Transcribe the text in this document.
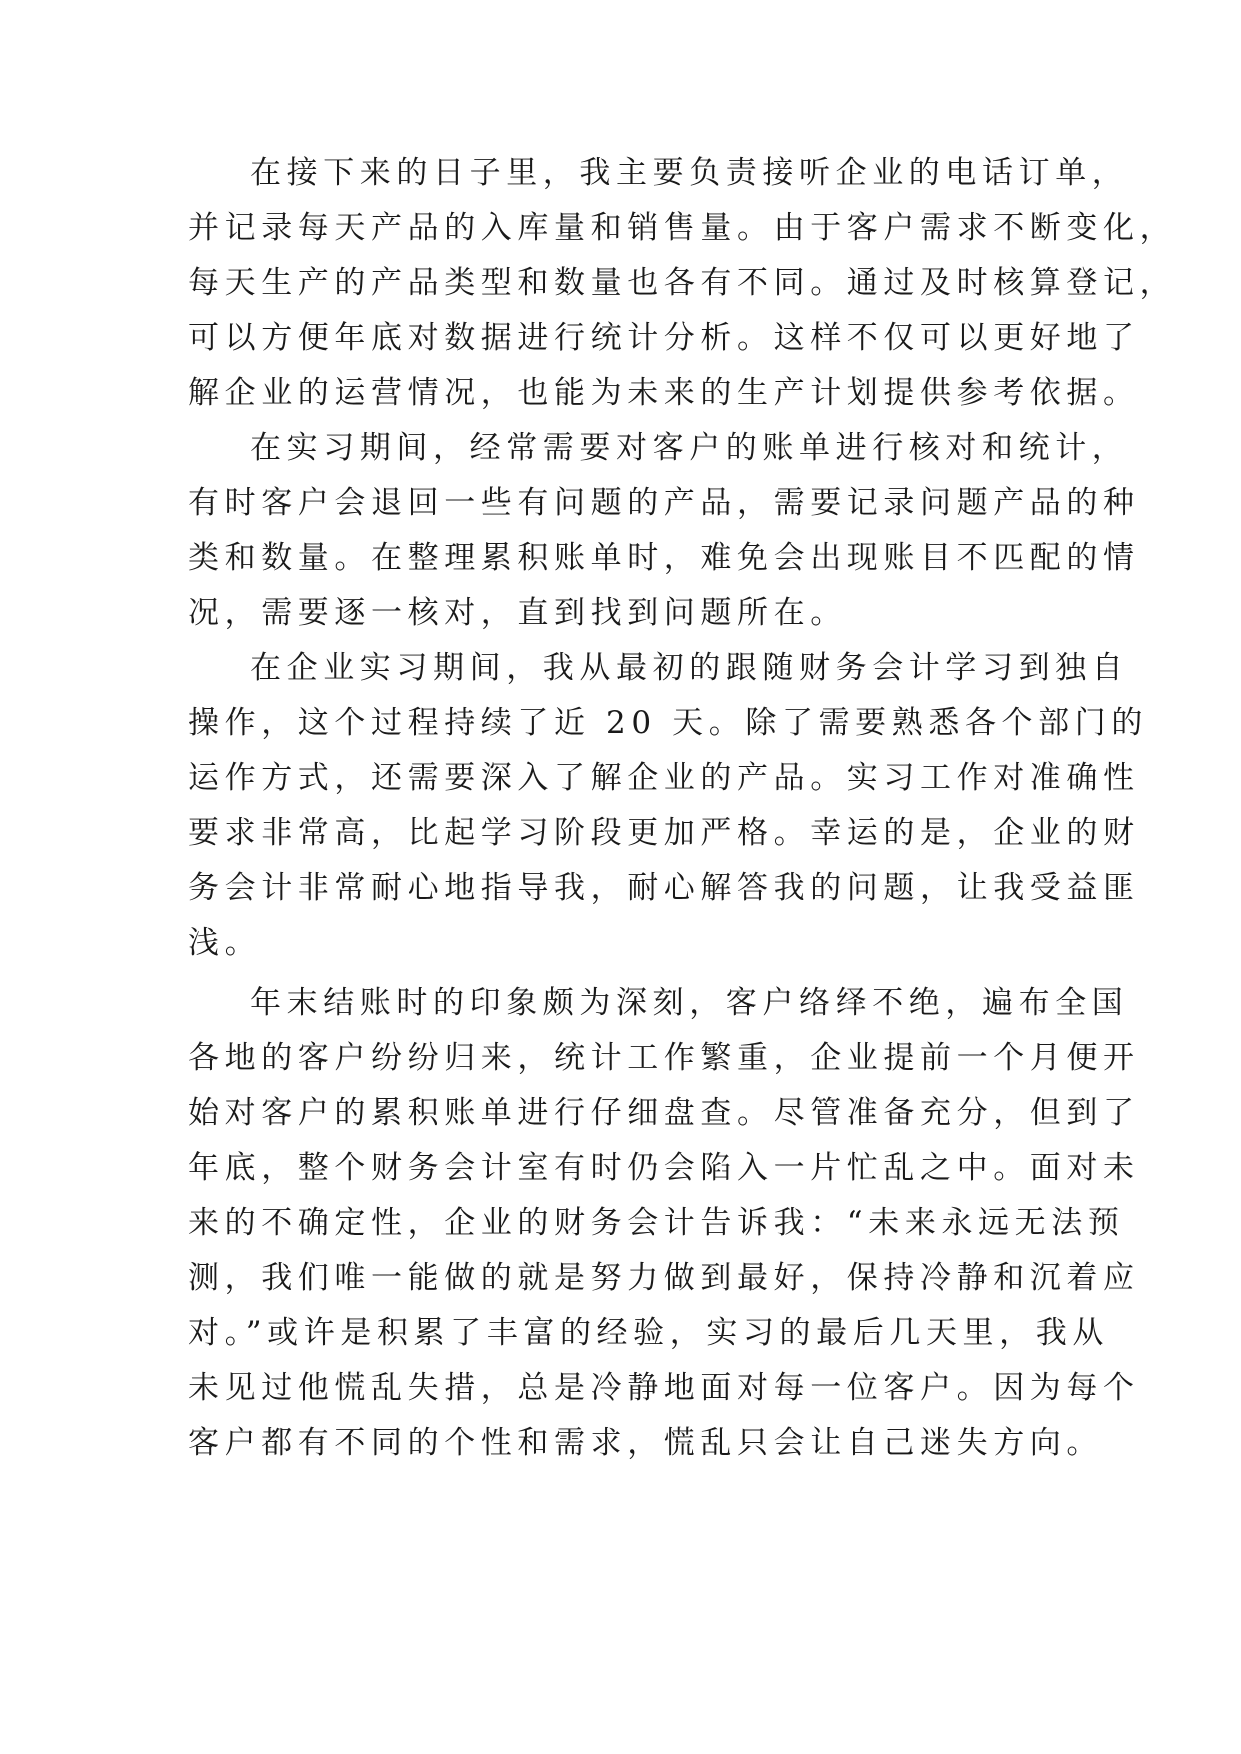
在接下来的日子里，我主要负责接听企业的电话订单，
并记录每天产品的入库量和销售量。由于客户需求不断变化，
每天生产的产品类型和数量也各有不同。通过及时核算登记，
可以方便年底对数据进行统计分析。这样不仅可以更好地了
解企业的运营情况，也能为未来的生产计划提供参考依据。
在实习期间，经常需要对客户的账单进行核对和统计，
有时客户会退回一些有问题的产品，需要记录问题产品的种
类和数量。在整理累积账单时，难免会出现账目不匹配的情
况，需要逐一核对，直到找到问题所在。
在企业实习期间，我从最初的跟随财务会计学习到独自
操作，这个过程持续了近 20 天。除了需要熟悉各个部门的
运作方式，还需要深入了解企业的产品。实习工作对准确性
要求非常高，比起学习阶段更加严格。幸运的是，企业的财
务会计非常耐心地指导我，耐心解答我的问题，让我受益匪
浅。
年末结账时的印象颇为深刻，客户络绎不绝，遍布全国
各地的客户纷纷归来，统计工作繁重，企业提前一个月便开
始对客户的累积账单进行仔细盘查。尽管准备充分，但到了
年底，整个财务会计室有时仍会陷入一片忙乱之中。面对未
来的不确定性，企业的财务会计告诉我：“未来永远无法预
测，我们唯一能做的就是努力做到最好，保持冷静和沉着应
对。”或许是积累了丰富的经验，实习的最后几天里，我从
未见过他慌乱失措，总是冷静地面对每一位客户。因为每个
客户都有不同的个性和需求，慌乱只会让自己迷失方向。
